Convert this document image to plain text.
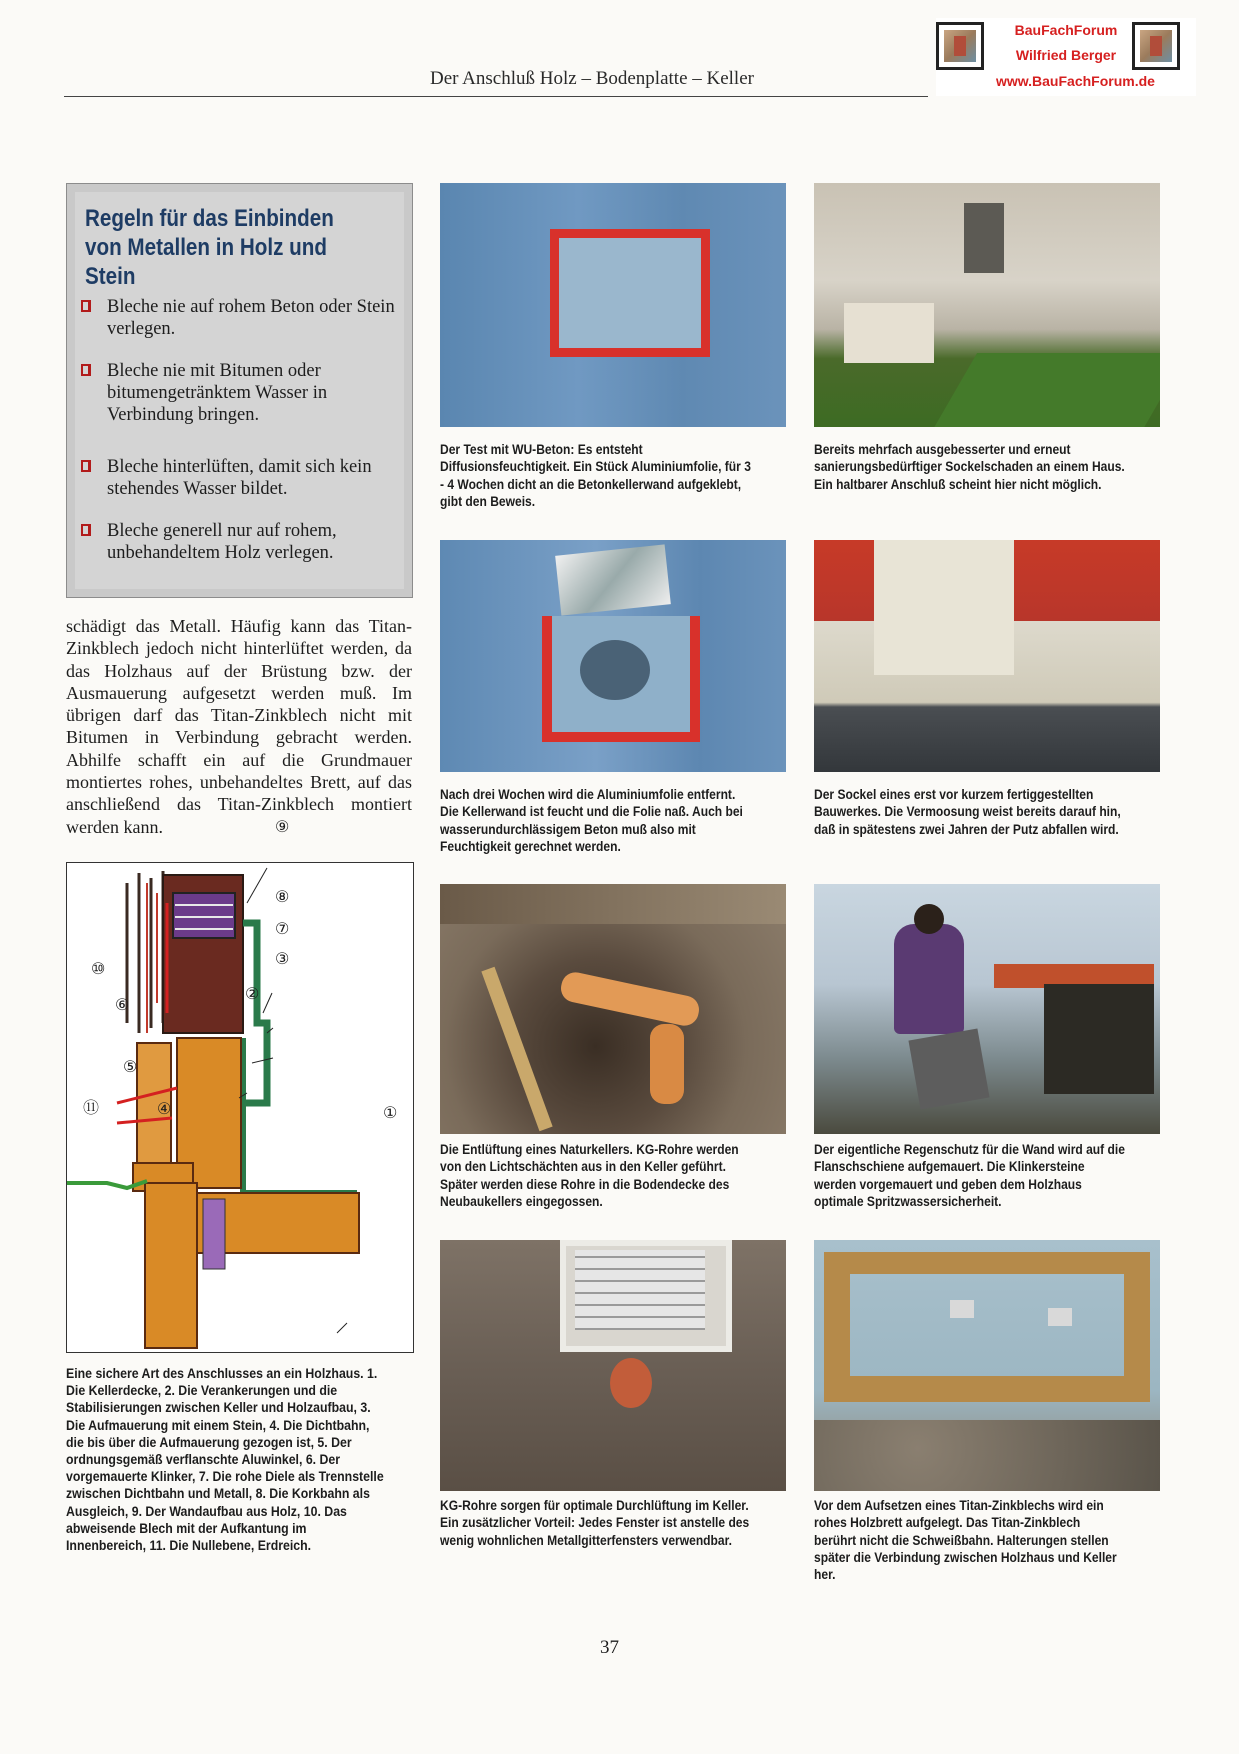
Der Anschluß Holz – Bodenplatte – Keller
BauFachForum
Wilfried Berger
www.BauFachForum.de
Regeln für das Einbinden von Metallen in Holz und Stein
Bleche nie auf rohem Beton oder Stein verlegen.
Bleche nie mit Bitumen oder bitumengetränktem Wasser in Verbindung bringen.
Bleche hinterlüften, damit sich kein stehendes Wasser bildet.
Bleche generell nur auf rohem, unbehandeltem Holz verlegen.
schädigt das Metall. Häufig kann das Titan-Zinkblech jedoch nicht hinterlüftet werden, da das Holzhaus auf der Brüstung bzw. der Ausmauerung aufgesetzt werden muß. Im übrigen darf das Titan-Zinkblech nicht mit Bitumen in Verbindung gebracht werden. Abhilfe schafft ein auf die Grundmauer montiertes rohes, unbehandeltes Brett, auf das anschließend das Titan-Zinkblech montiert werden kann.	⑨
⑧
⑦
③
②
⑩
⑥
⑤
⑪	④	①
Eine sichere Art des Anschlusses an ein Holzhaus. 1. Die Kellerdecke, 2. Die Verankerungen und die Stabilisierungen zwischen Keller und Holzaufbau, 3. Die Aufmauerung mit einem Stein, 4. Die Dichtbahn, die bis über die Aufmauerung gezogen ist, 5. Der ordnungsgemäß verflanschte Aluwinkel, 6. Der vorgemauerte Klinker, 7. Die rohe Diele als Trennstelle zwischen Dichtbahn und Metall, 8. Die Korkbahn als Ausgleich, 9. Der Wandaufbau aus Holz, 10. Das abweisende Blech mit der Aufkantung im Innenbereich, 11. Die Nullebene, Erdreich.
Der Test mit WU-Beton: Es entsteht Diffusionsfeuchtigkeit. Ein Stück Aluminiumfolie, für 3 - 4 Wochen dicht an die Betonkellerwand aufgeklebt, gibt den Beweis.
Bereits mehrfach ausgebesserter und erneut sanierungsbedürftiger Sockelschaden an einem Haus. Ein haltbarer Anschluß scheint hier nicht möglich.
Nach drei Wochen wird die Aluminiumfolie entfernt. Die Kellerwand ist feucht und die Folie naß. Auch bei wasserundurchlässigem Beton muß also mit Feuchtigkeit gerechnet werden.
Der Sockel eines erst vor kurzem fertiggestellten Bauwerkes. Die Vermoosung weist bereits darauf hin, daß in spätestens zwei Jahren der Putz abfallen wird.
Die Entlüftung eines Naturkellers. KG-Rohre werden von den Lichtschächten aus in den Keller geführt. Später werden diese Rohre in die Bodendecke des Neubaukellers eingegossen.
Der eigentliche Regenschutz für die Wand wird auf die Flanschschiene aufgemauert. Die Klinkersteine werden vorgemauert und geben dem Holzhaus optimale Spritzwassersicherheit.
KG-Rohre sorgen für optimale Durchlüftung im Keller. Ein zusätzlicher Vorteil: Jedes Fenster ist anstelle des wenig wohnlichen Metallgitterfensters verwendbar.
Vor dem Aufsetzen eines Titan-Zinkblechs wird ein rohes Holzbrett aufgelegt. Das Titan-Zinkblech berührt nicht die Schweißbahn. Halterungen stellen später die Verbindung zwischen Holzhaus und Keller her.
37
